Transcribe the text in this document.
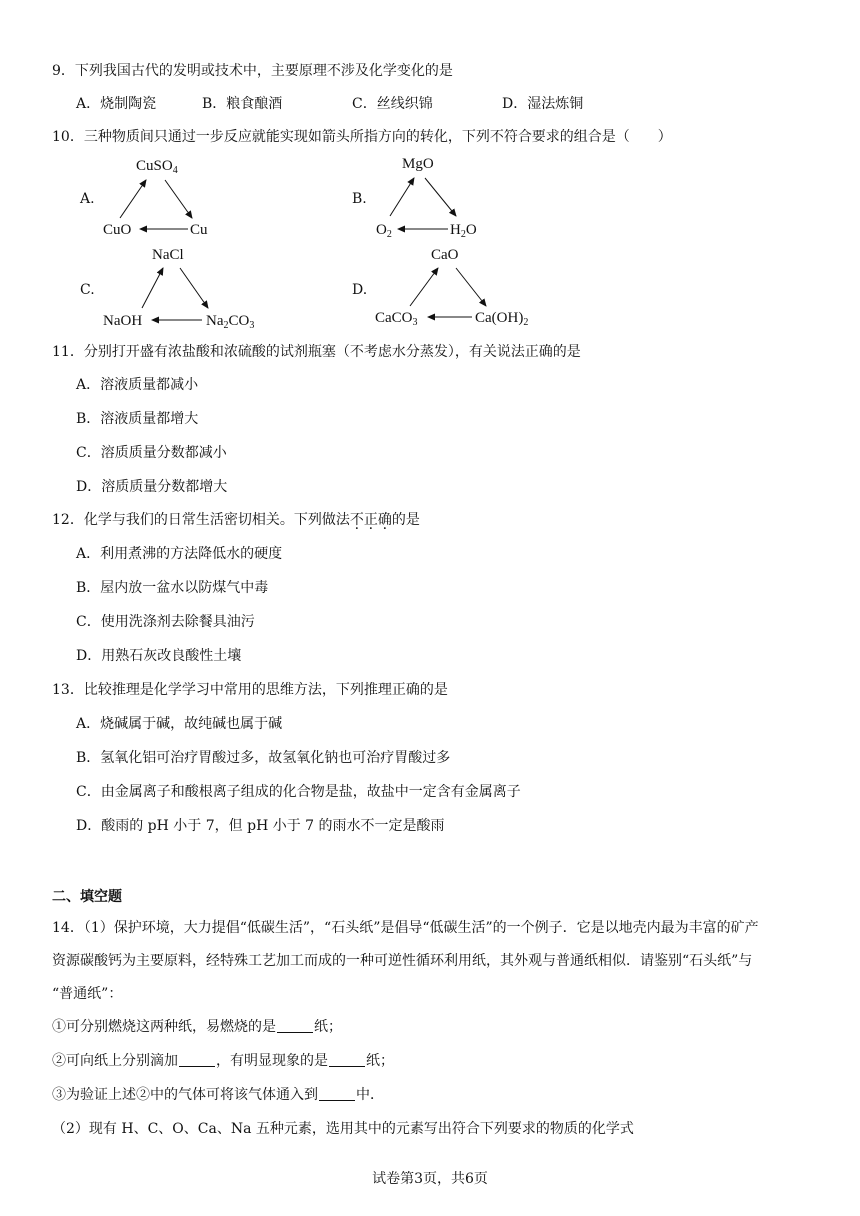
9．下列我国古代的发明或技术中，主要原理不涉及化学变化的是
A．烧制陶瓷	B．粮食酿酒	C．丝线织锦	D．湿法炼铜
10．三种物质间只通过一步反应就能实现如箭头所指方向的转化，下列不符合要求的组合是（　　）
A.	B.
C.	D.
CuSO$_4$
CuO	Cu
MgO
$O_2$	$H_2O$
NaCl
NaOH	$Na_2CO_3$
CaO
CaCO$_3$	$Ca(OH)_2$
11．分别打开盛有浓盐酸和浓硫酸的试剂瓶塞（不考虑水分蒸发），有关说法正确的是
A．溶液质量都减小
B．溶液质量都增大
C．溶质质量分数都减小
D．溶质质量分数都增大
12．化学与我们的日常生活密切相关。下列做法不正确的是
A．利用煮沸的方法降低水的硬度
B．屋内放一盆水以防煤气中毒
C．使用洗涤剂去除餐具油污
D．用熟石灰改良酸性土壤
13．比较推理是化学学习中常用的思维方法，下列推理正确的是
A．烧碱属于碱，故纯碱也属于碱
B．氢氧化铝可治疗胃酸过多，故氢氧化钠也可治疗胃酸过多
C．由金属离子和酸根离子组成的化合物是盐，故盐中一定含有金属离子
D．酸雨的 pH 小于 7，但 pH 小于 7 的雨水不一定是酸雨
二、填空题
14．（1）保护环境，大力提倡“低碳生活”，“石头纸”是倡导“低碳生活”的一个例子．它是以地壳内最为丰富的矿产
资源碳酸钙为主要原料，经特殊工艺加工而成的一种可逆性循环利用纸，其外观与普通纸相似．请鉴别“石头纸”与
“普通纸”：
①可分别燃烧这两种纸，易燃烧的是	纸；
②可向纸上分别滴加	，有明显现象的是	纸；
③为验证上述②中的气体可将该气体通入到	中．
（2）现有 H、C、O、Ca、Na 五种元素，选用其中的元素写出符合下列要求的物质的化学式
试卷第3页，共6页
